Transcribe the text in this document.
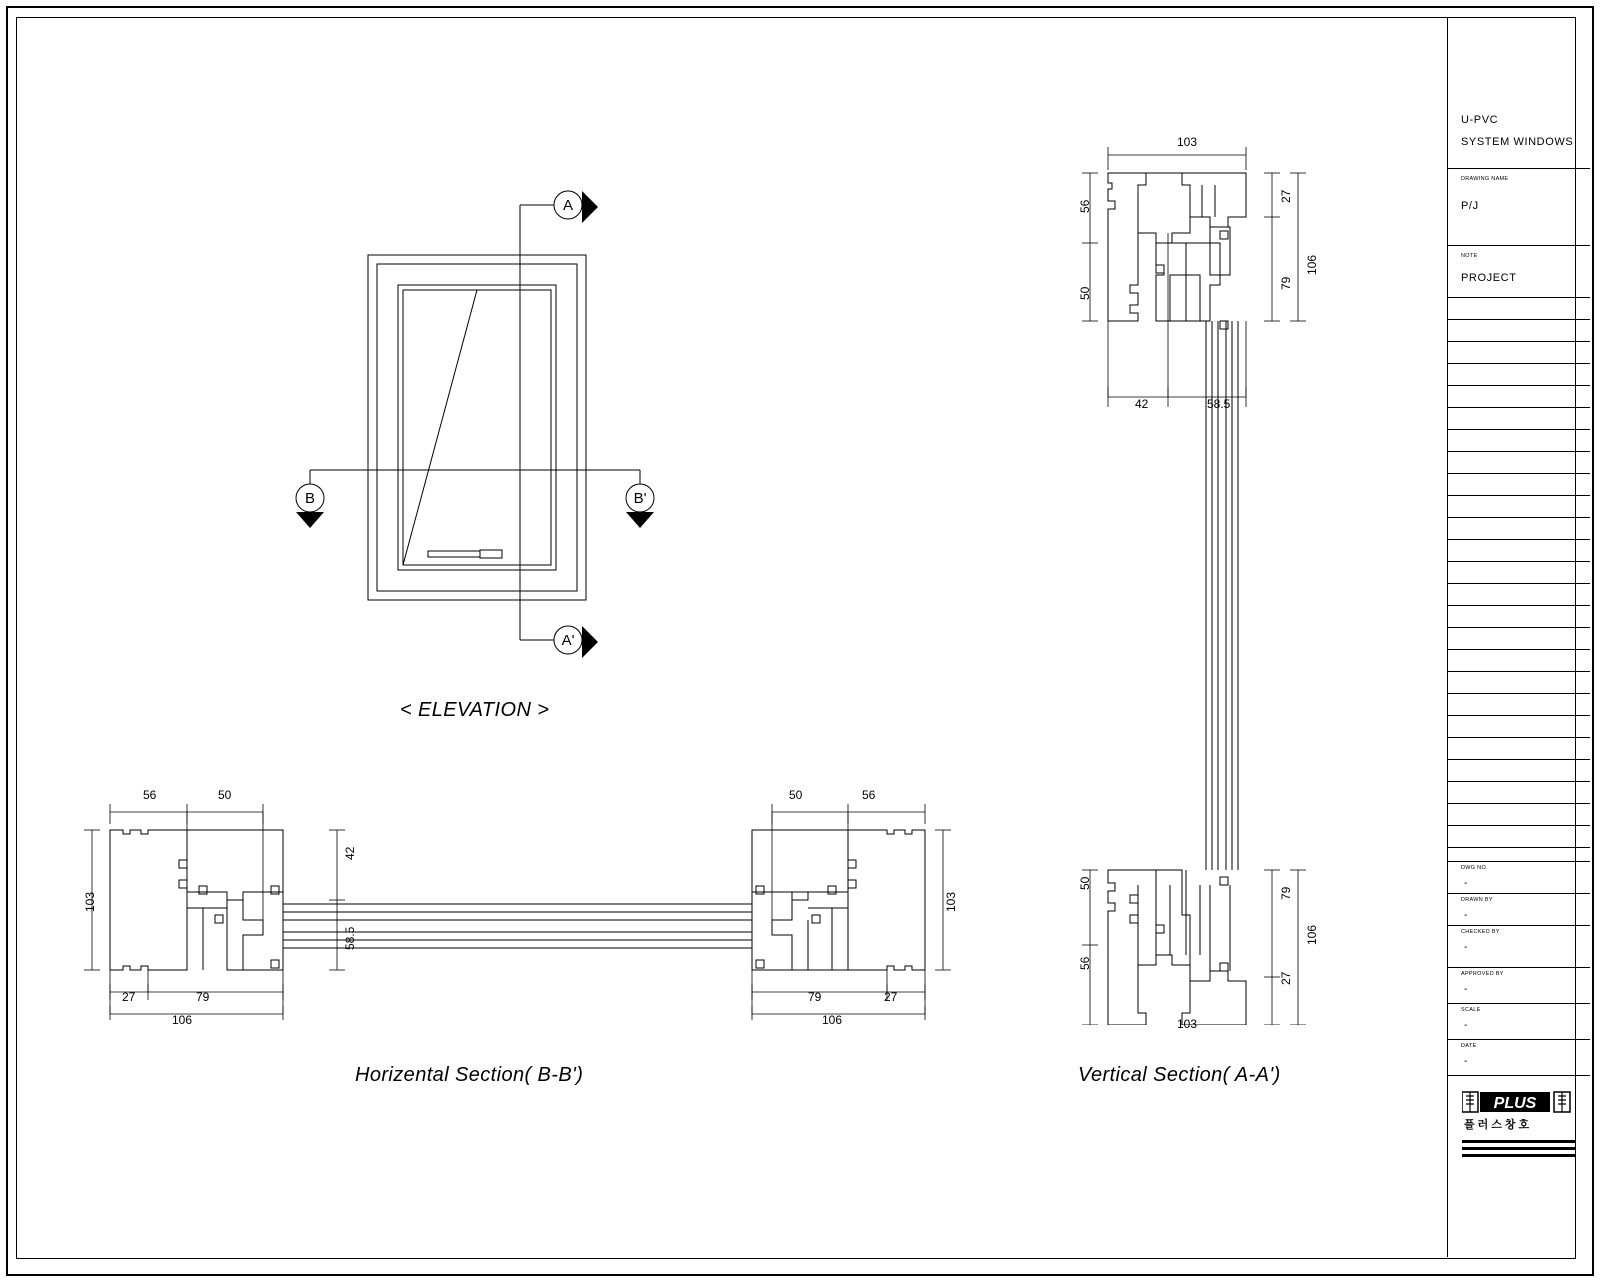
A
A'
B	B'
< ELEVATION >
103
56
50
27
79
106
42	58.5
50
56
79
27
106
103
Vertical Section( A-A')
56	50
103
42
58.5
27	79
106
50	56
103
79	27
106
Horizental Section( B-B')
U-PVC
SYSTEM WINDOWS
DRAWING NAME
P/J
NOTE
PROJECT
DWG NO.
-
DRAWN BY
-
CHECKED BY
-
APPROVED BY
-
SCALE
-
DATE
-
PLUS
플러스창호
